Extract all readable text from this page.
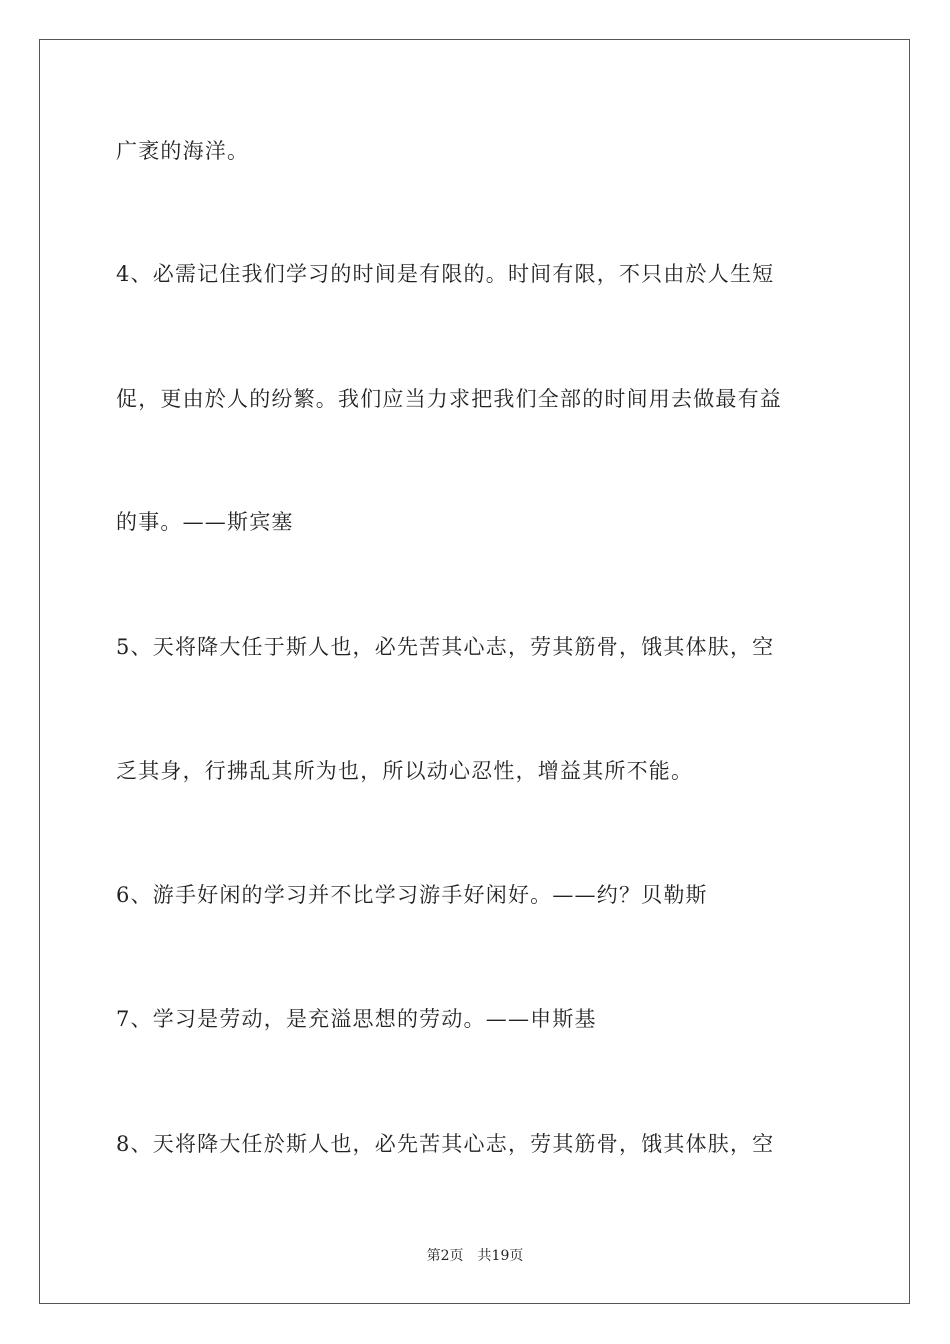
广袤的海洋。
4、必需记住我们学习的时间是有限的。时间有限，不只由於人生短
促，更由於人的纷繁。我们应当力求把我们全部的时间用去做最有益
的事。——斯宾塞
5、天将降大任于斯人也，必先苦其心志，劳其筋骨，饿其体肤，空
乏其身，行拂乱其所为也，所以动心忍性，增益其所不能。
6、游手好闲的学习并不比学习游手好闲好。——约？贝勒斯
7、学习是劳动，是充溢思想的劳动。——申斯基
8、天将降大任於斯人也，必先苦其心志，劳其筋骨，饿其体肤，空
第2页　共19页
